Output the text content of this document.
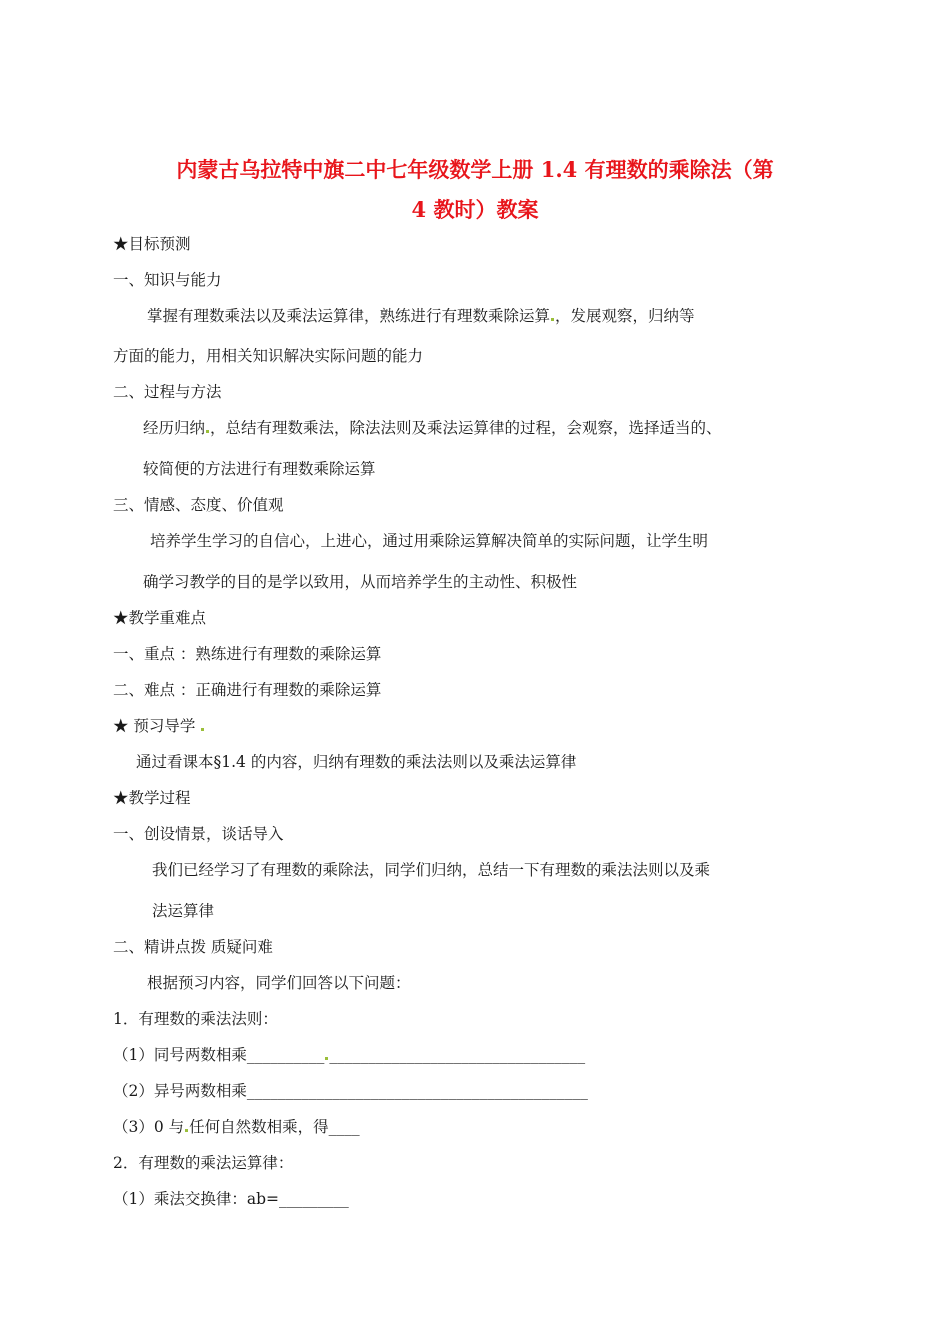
内蒙古乌拉特中旗二中七年级数学上册 1.4 有理数的乘除法（第
4 教时）教案

★目标预测

一、知识与能力

掌握有理数乘法以及乘法运算律，熟练进行有理数乘除运算 ，发展观察，归纳等

方面的能力，用相关知识解决实际问题的能力

二、过程与方法

经历归纳 ，总结有理数乘法，除法法则及乘法运算律的过程，会观察，选择适当的、

较简便的方法进行有理数乘除运算

三、情感、态度、价值观

培养学生学习的自信心，上进心，通过用乘除运算解决简单的实际问题，让学生明

确学习教学的目的是学以致用，从而培养学生的主动性、积极性

★教学重难点

一、重点 ：熟练进行有理数的乘除运算

二、难点 ：正确进行有理数的乘除运算

★ 预习导学

通过看课本§1.4 的内容，归纳有理数的乘法法则以及乘法运算律

★教学过程

一、创设情景，谈话导入

我们已经学习了有理数的乘除法，同学们归纳，总结一下有理数的乘法法则以及乘

法运算律

二、精讲点拨 质疑问难

根据预习内容，同学们回答以下问题：

1．有理数的乘法法则：

（1）同号两数相乘__________ _________________________________

（2）异号两数相乘____________________________________________

（3）0 与 任何自然数相乘，得____

2．有理数的乘法运算律：

（1）乘法交换律：ab=_________
